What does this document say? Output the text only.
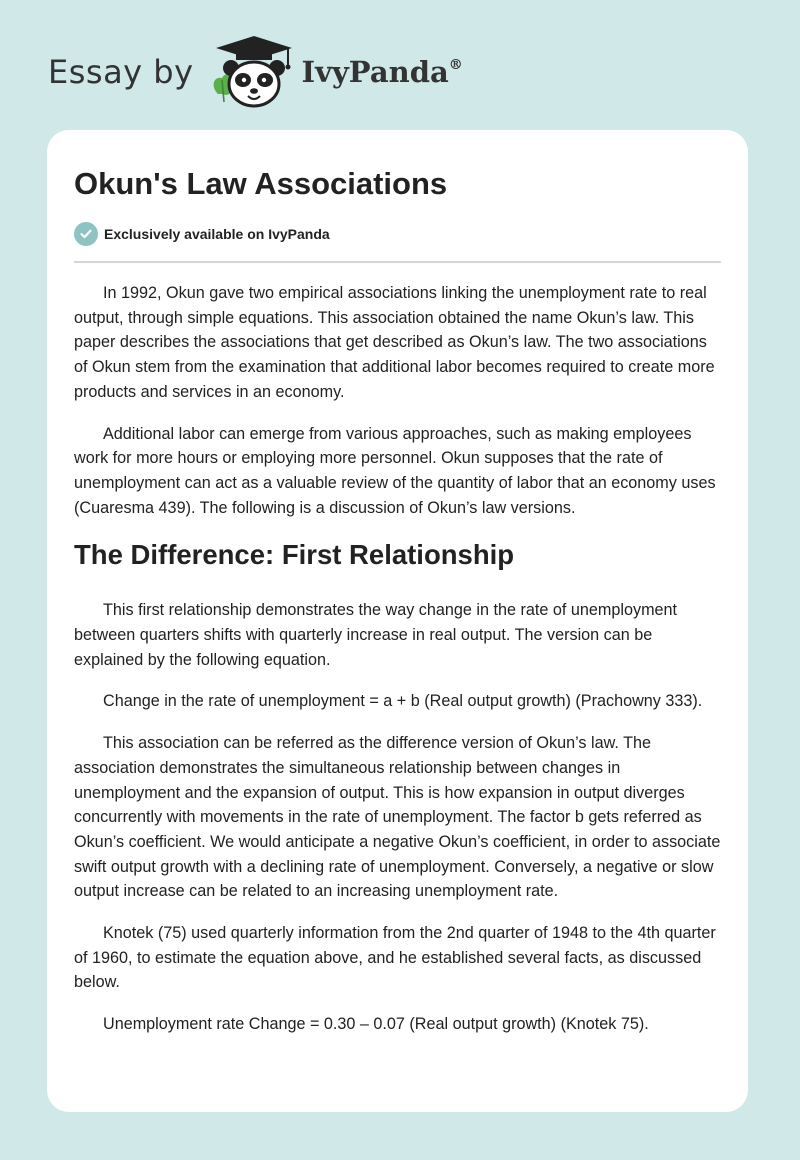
Essay by	IvyPanda®
Okun's Law Associations
Exclusively available on IvyPanda

In 1992, Okun gave two empirical associations linking the unemployment rate to real output, through simple equations. This association obtained the name Okun’s law. This paper describes the associations that get described as Okun’s law. The two associations of Okun stem from the examination that additional labor becomes required to create more products and services in an economy.

Additional labor can emerge from various approaches, such as making employees work for more hours or employing more personnel. Okun supposes that the rate of unemployment can act as a valuable review of the quantity of labor that an economy uses (Cuaresma 439). The following is a discussion of Okun’s law versions.

The Difference: First Relationship

This first relationship demonstrates the way change in the rate of unemployment between quarters shifts with quarterly increase in real output. The version can be explained by the following equation.

Change in the rate of unemployment = a + b (Real output growth) (Prachowny 333).

This association can be referred as the difference version of Okun’s law. The association demonstrates the simultaneous relationship between changes in unemployment and the expansion of output. This is how expansion in output diverges concurrently with movements in the rate of unemployment. The factor b gets referred as Okun’s coefficient. We would anticipate a negative Okun’s coefficient, in order to associate swift output growth with a declining rate of unemployment. Conversely, a negative or slow output increase can be related to an increasing unemployment rate.

Knotek (75) used quarterly information from the 2nd quarter of 1948 to the 4th quarter of 1960, to estimate the equation above, and he established several facts, as discussed below.

Unemployment rate Change = 0.30 – 0.07 (Real output growth) (Knotek 75).
